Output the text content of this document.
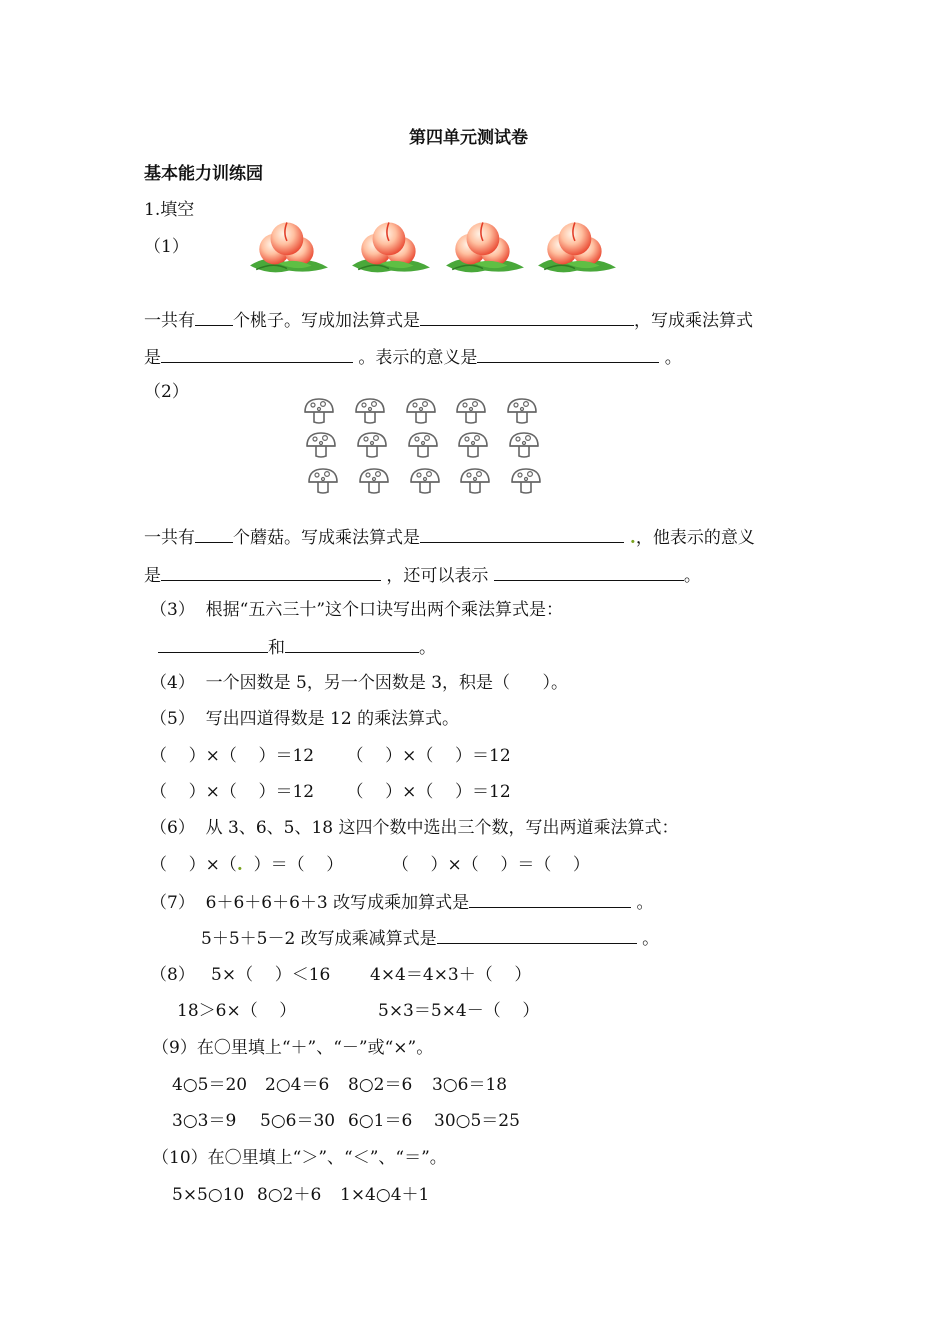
第四单元测试卷
基本能力训练园
1.填空
（1）
一共有 个桃子。写成加法算式是	，写成乘法算式
是	。表示的意义是	。
（2）
一共有 个蘑菇。写成乘法算式是	.，他表示的意义
是	，还可以表示	。
（3）  根据“五六三十”这个口诀写出两个乘法算式是：
和	。
（4）  一个因数是 5，另一个因数是 3，积是（      ）。
（5）  写出四道得数是 12 的乘法算式。
（    ）×（    ）＝12      （    ）×（    ）＝12
（    ）×（    ）＝12      （    ）×（    ）＝12
（6）  从 3、6、5、18 这四个数中选出三个数，写出两道乘法算式：
（    ）×（.  ）＝（    ）         （    ）×（    ）＝（    ）
（7）  6＋6＋6＋6＋3 改写成乘加算式是	。
5＋5＋5－2 改写成乘减算式是	。
（8）   5×（    ）＜16 4×4＝4×3＋（    ）
18＞6×（    ）	5×3＝5×4－（    ）
（9）在〇里填上“＋”、“－”或“×”。
4○5＝20 2○4＝6 8○2＝6 3○6＝18
3○3＝9 5○6＝30 6○1＝6 30○5＝25
（10）在〇里填上“＞”、“＜”、“＝”。
5×5○10 8○2＋6 1×4○4＋1
